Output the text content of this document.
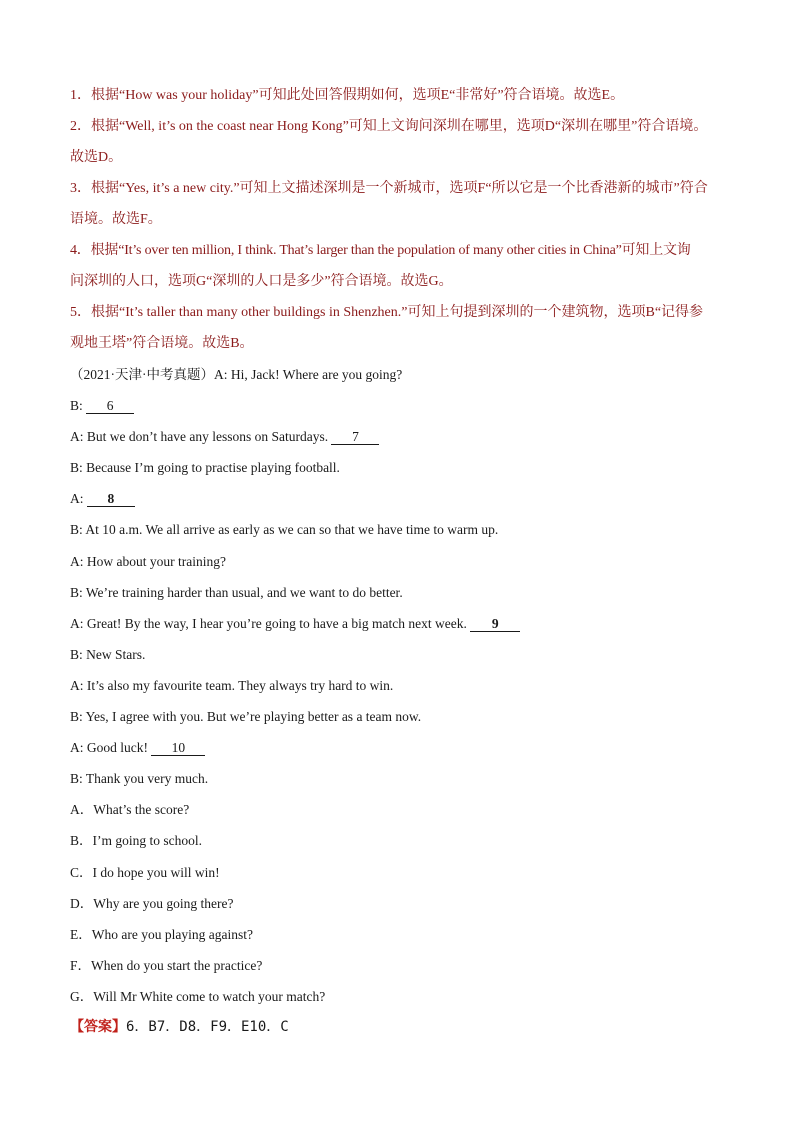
1．根据“How was your holiday”可知此处回答假期如何，选项E“非常好”符合语境。故选E。

2．根据“Well, it’s on the coast near Hong Kong”可知上文询问深圳在哪里，选项D“深圳在哪里”符合语境。

故选D。

3．根据“Yes, it’s a new city.”可知上文描述深圳是一个新城市，选项F“所以它是一个比香港新的城市”符合

语境。故选F。

4．根据“It’s over ten million, I think. That’s larger than the population of many other cities in China”可知上文询

问深圳的人口，选项G“深圳的人口是多少”符合语境。故选G。

5．根据“It’s taller than many other buildings in Shenzhen.”可知上句提到深圳的一个建筑物，选项B“记得参

观地王塔”符合语境。故选B。

（2021·天津·中考真题）A: Hi, Jack! Where are you going?

B: 6

A: But we don’t have any lessons on Saturdays. 7

B: Because I’m going to practise playing football.

A: 8

B: At 10 a.m. We all arrive as early as we can so that we have time to warm up.

A: How about your training?

B: We’re training harder than usual, and we want to do better.

A: Great! By the way, I hear you’re going to have a big match next week. 9

B: New Stars.

A: It’s also my favourite team. They always try hard to win.

B: Yes, I agree with you. But we’re playing better as a team now.

A: Good luck! 10

B: Thank you very much.

A．What’s the score?

B．I’m going to school.

C．I do hope you will win!

D．Why are you going there?

E．Who are you playing against?

F．When do you start the practice?

G．Will Mr White come to watch your match?

【答案】6．B7．D8．F9．E10．C
